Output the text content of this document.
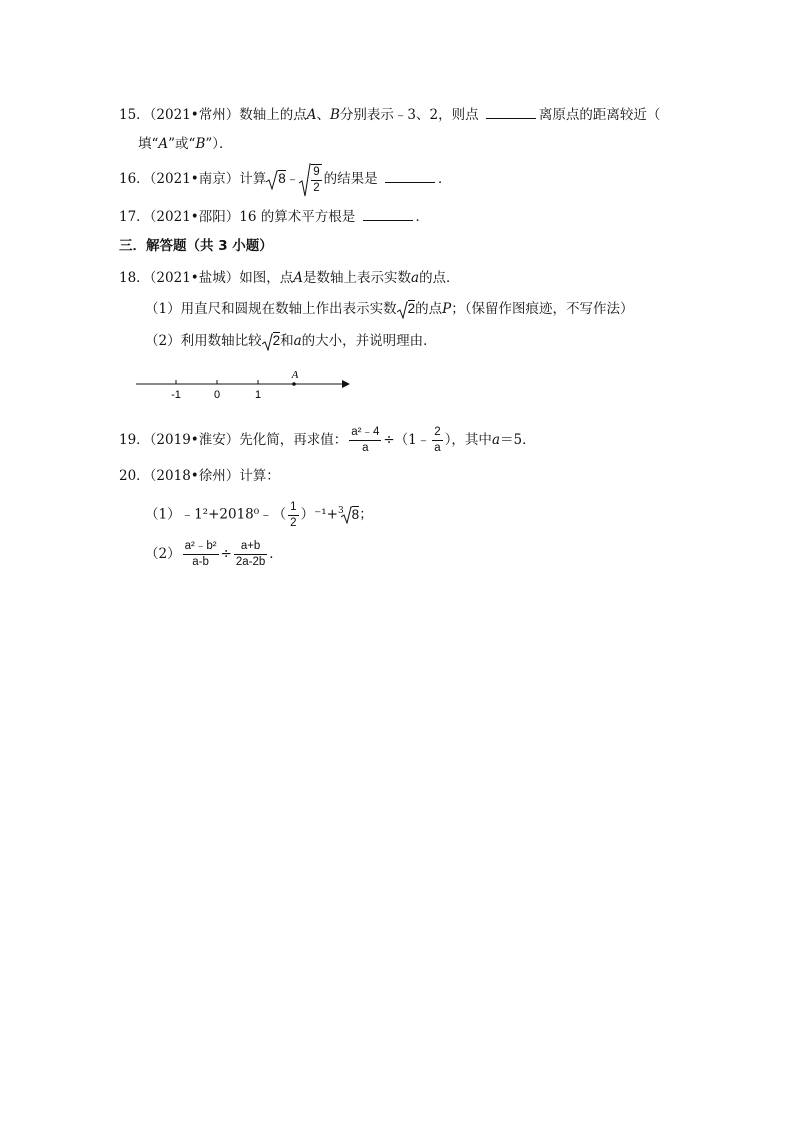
15．（2021•常州）数轴上的点A、B分别表示﹣3、2，则点	离原点的距离较近（
填“A”或“B”）．
16．（2021•南京）计算 8﹣ $\frac{9}{2}$ 的结果是	．
17．（2021•邵阳）16 的算术平方根是	．
三．解答题（共 3 小题）
18．（2021•盐城）如图，点A是数轴上表示实数a的点．
（1）用直尺和圆规在数轴上作出表示实数 2的点P；（保留作图痕迹，不写作法）
（2）利用数轴比较 2和a的大小，并说明理由．
-1	0	1
A
19．（2019•淮安）先化简，再求值： $\frac{\text{a²﹣4}}{a}$ ÷（1﹣ $\frac{2}{a}$ ），其中a＝5．
20．（2018•徐州）计算：
（1）﹣1²+2018⁰﹣（ $\frac{1}{2} )^{-1}+^3$ 8；
$(2) \frac{\text{a²﹣b²}}{a-b} \div \frac{a+b}{2a-2b}$ ．
